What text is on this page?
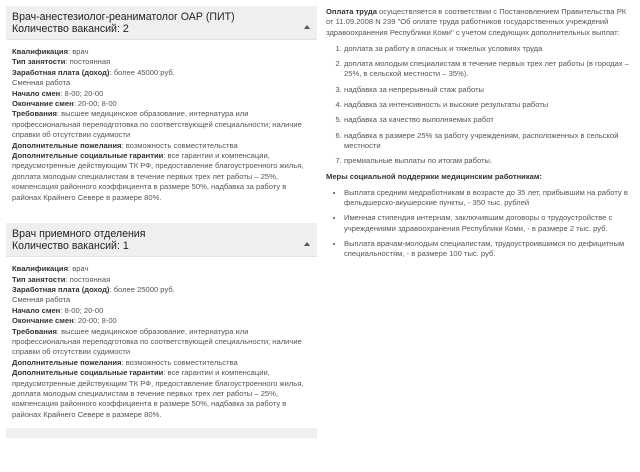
Врач-анестезиолог-реаниматолог ОАР (ПИТ)
Количество вакансий: 2
Квалификация: врач
Тип занятости: постоянная
Заработная плата (доход): более 45000 руб.
Сменная работа
Начало смен: 8-00; 20-00
Окончание смен: 20-00; 8-00
Требования: высшее медицинское образование, интернатура или профессиональная переподготовка по соответствующей специальности; наличие справки об отсутствии судимости
Дополнительные пожелания: возможность совместительства
Дополнительные социальные гарантии: все гарантии и компенсации, предусмотренные действующим ТК РФ, предоставление благоустроенного жилья, доплата молодым специалистам в течение первых трех лет работы – 25%, компенсация районного коэффициента в размере 50%, надбавка за работу в районах Крайнего Севере в размере 80%.
Врач приемного отделения
Количество вакансий: 1
Квалификация: врач
Тип занятости: постоянная
Заработная плата (доход): более 25000 руб.
Сменная работа
Начало смен: 8-00; 20-00
Окончание смен: 20-00; 8-00
Требования: высшее медицинское образование, интернатура или профессиональная переподготовка по соответствующей специальности; наличие справки об отсутствии судимости
Дополнительные пожелания: возможность совместительства
Дополнительные социальные гарантии: все гарантии и компенсации, предусмотренные действующим ТК РФ, предоставление благоустроенного жилья, доплата молодым специалистам в течение первых трех лет работы – 25%, компенсация районного коэффициента в размере 50%, надбавка за работу в районах Крайнего Севере в размере 80%.

Оплата труда осуществляется в соответствии с Постановлением Правительства РК от 11.09.2008 N 239 "Об оплате труда работников государственных учреждений здравоохранения Республики Коми" с учетом следующих дополнительных выплат:

1. доплата за работу в опасных и тяжелых условиях труда
2. доплата молодым специалистам в течение первых трех лет работы (в городах – 25%, в сельской местности – 35%).
3. надбавка за непрерывный стаж работы
4. надбавка за интенсивность и высокие результаты работы
5. надбавка за качество выполняемых работ
6. надбавка в размере 25% за работу учреждениям, расположенных в сельской местности
7. премиальные выплаты по итогам работы.
Меры социальной поддержки медицинским работникам:
• Выплата средним медработникам в возрасте до 35 лет, прибывшим на работу в фельдшерско-акушерские пункты, - 350 тыс. рублей
• Именная стипендия интернам, заключившим договоры о трудоустройстве с учреждениями здравоохранения Республики Коми, - в размере 2 тыс. руб.
• Выплата врачам-молодым специалистам, трудоустроившимся по дефицитным специальностям, - в размере 100 тыс. руб.
